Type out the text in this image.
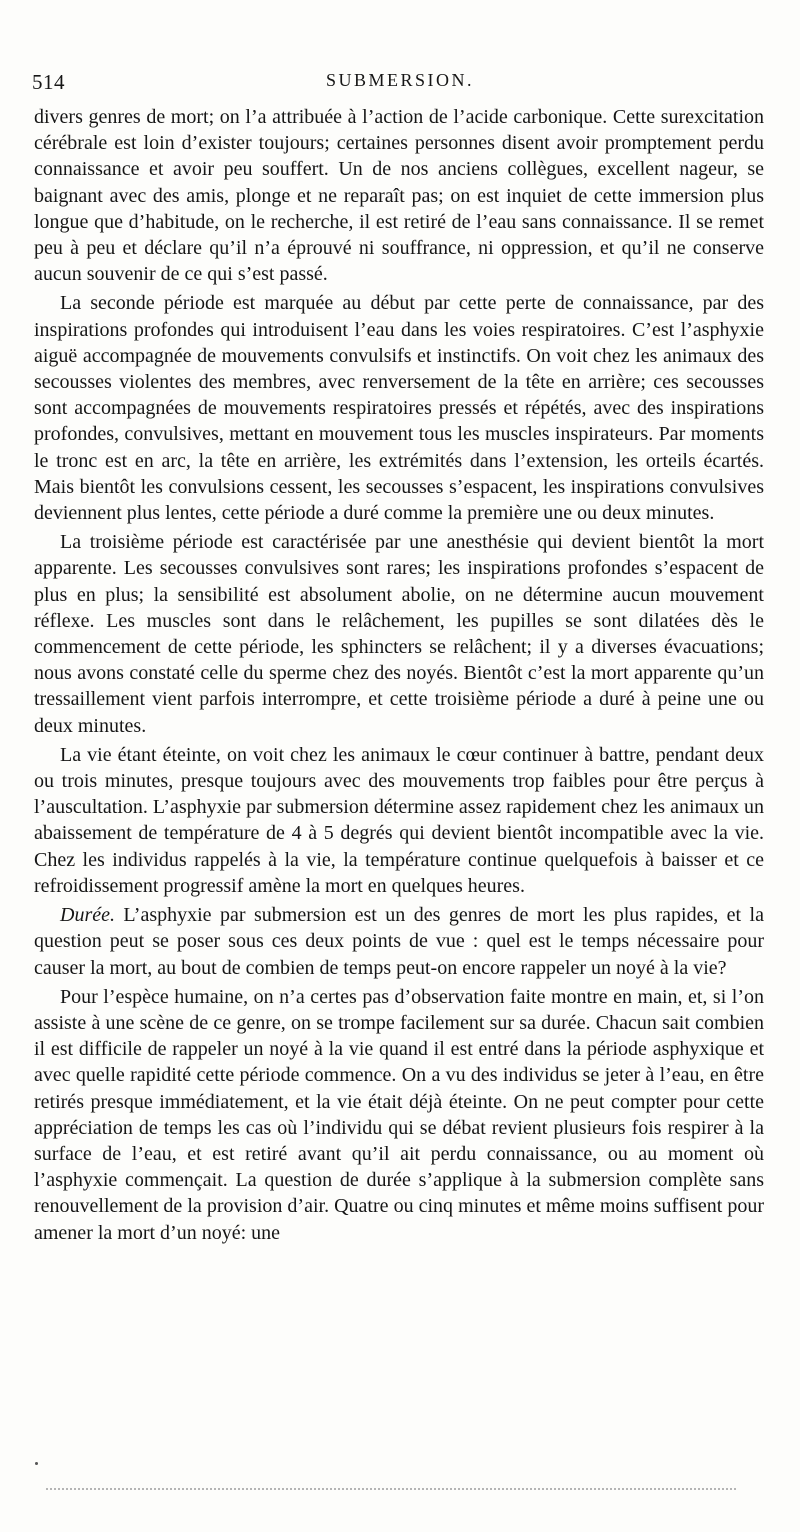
514	SUBMERSION.

divers genres de mort; on l’a attribuée à l’action de l’acide carbonique. Cette surexcitation cérébrale est loin d’exister toujours; certaines personnes disent avoir promptement perdu connaissance et avoir peu souffert. Un de nos anciens collègues, excellent nageur, se baignant avec des amis, plonge et ne reparaît pas; on est inquiet de cette immersion plus longue que d’habitude, on le recherche, il est retiré de l’eau sans connaissance. Il se remet peu à peu et déclare qu’il n’a éprouvé ni souffrance, ni oppression, et qu’il ne conserve aucun souvenir de ce qui s’est passé.

La seconde période est marquée au début par cette perte de connaissance, par des inspirations profondes qui introduisent l’eau dans les voies respiratoires. C’est l’asphyxie aiguë accompagnée de mouvements convulsifs et instinctifs. On voit chez les animaux des secousses violentes des membres, avec renversement de la tête en arrière; ces secousses sont accompagnées de mouvements respiratoires pressés et répétés, avec des inspirations profondes, convulsives, mettant en mouvement tous les muscles inspirateurs. Par moments le tronc est en arc, la tête en arrière, les extrémités dans l’extension, les orteils écartés. Mais bientôt les convulsions cessent, les secousses s’espacent, les inspirations convulsives deviennent plus lentes, cette période a duré comme la première une ou deux minutes.

La troisième période est caractérisée par une anesthésie qui devient bientôt la mort apparente. Les secousses convulsives sont rares; les inspirations profondes s’espacent de plus en plus; la sensibilité est absolument abolie, on ne détermine aucun mouvement réflexe. Les muscles sont dans le relâchement, les pupilles se sont dilatées dès le commencement de cette période, les sphincters se relâchent; il y a diverses évacuations; nous avons constaté celle du sperme chez des noyés. Bientôt c’est la mort apparente qu’un tressaillement vient parfois interrompre, et cette troisième période a duré à peine une ou deux minutes.

La vie étant éteinte, on voit chez les animaux le cœur continuer à battre, pendant deux ou trois minutes, presque toujours avec des mouvements trop faibles pour être perçus à l’auscultation. L’asphyxie par submersion détermine assez rapidement chez les animaux un abaissement de température de 4 à 5 degrés qui devient bientôt incompatible avec la vie. Chez les individus rappelés à la vie, la température continue quelquefois à baisser et ce refroidissement progressif amène la mort en quelques heures.

Durée. L’asphyxie par submersion est un des genres de mort les plus rapides, et la question peut se poser sous ces deux points de vue : quel est le temps nécessaire pour causer la mort, au bout de combien de temps peut-on encore rappeler un noyé à la vie?

Pour l’espèce humaine, on n’a certes pas d’observation faite montre en main, et, si l’on assiste à une scène de ce genre, on se trompe facilement sur sa durée. Chacun sait combien il est difficile de rappeler un noyé à la vie quand il est entré dans la période asphyxique et avec quelle rapidité cette période commence. On a vu des individus se jeter à l’eau, en être retirés presque immédiatement, et la vie était déjà éteinte. On ne peut compter pour cette appréciation de temps les cas où l’individu qui se débat revient plusieurs fois respirer à la surface de l’eau, et est retiré avant qu’il ait perdu connaissance, ou au moment où l’asphyxie commençait. La question de durée s’applique à la submersion complète sans renouvellement de la provision d’air. Quatre ou cinq minutes et même moins suffisent pour amener la mort d’un noyé: une
